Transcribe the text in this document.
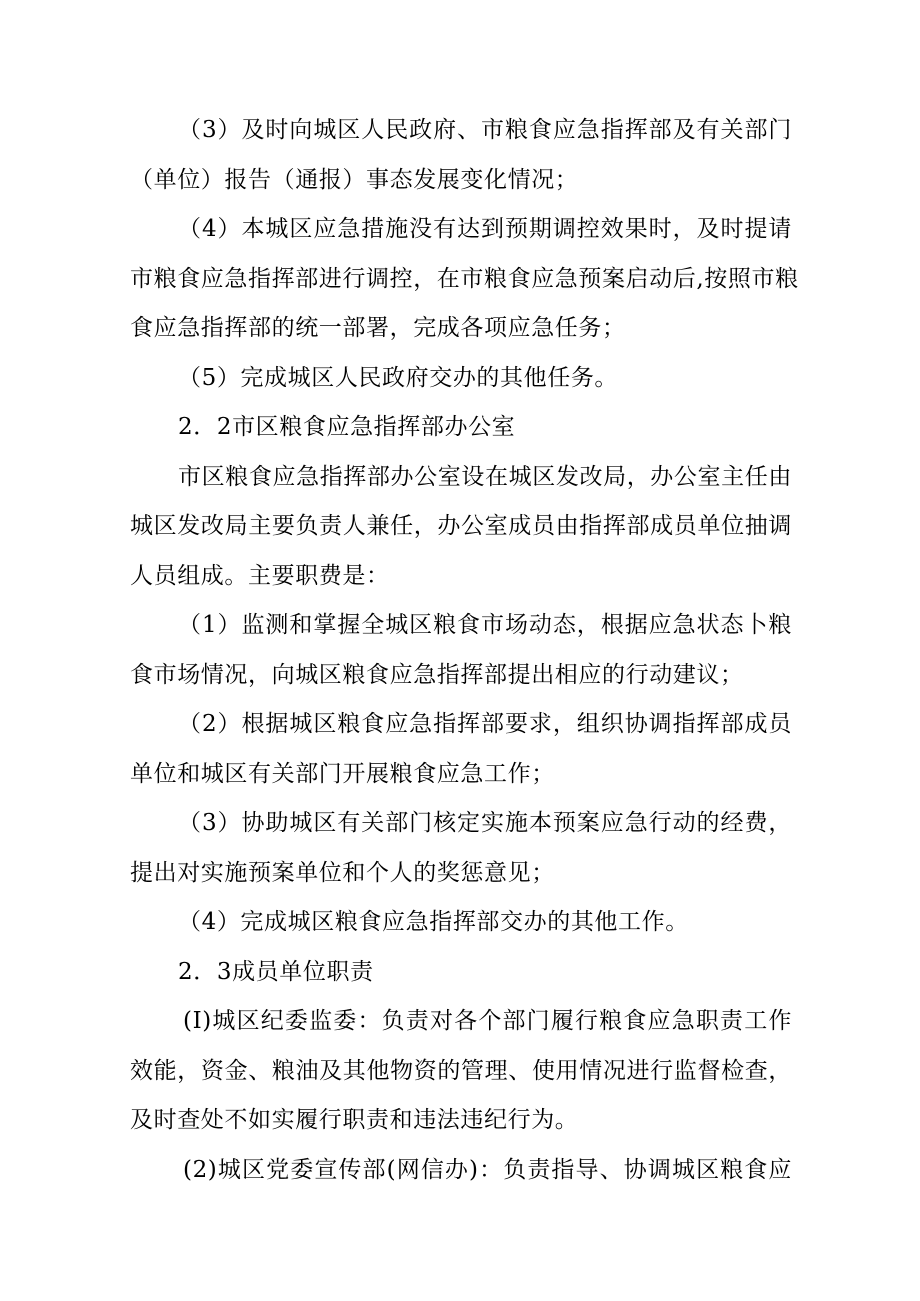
（3）及时向城区人民政府、市粮食应急指挥部及有关部门
（单位）报告（通报）事态发展变化情况；
（4）本城区应急措施没有达到预期调控效果时，及时提请
市粮食应急指挥部进行调控，在市粮食应急预案启动后,按照市粮
食应急指挥部的统一部署，完成各项应急任务；
（5）完成城区人民政府交办的其他任务。
2．2市区粮食应急指挥部办公室
市区粮食应急指挥部办公室设在城区发改局，办公室主任由
城区发改局主要负责人兼任，办公室成员由指挥部成员单位抽调
人员组成。主要职费是：
（1）监测和掌握全城区粮食市场动态，根据应急状态卜粮
食市场情况，向城区粮食应急指挥部提出相应的行动建议；
（2）根据城区粮食应急指挥部要求，组织协调指挥部成员
单位和城区有关部门开展粮食应急工作；
（3）协助城区有关部门核定实施本预案应急行动的经费，
提出对实施预案单位和个人的奖惩意见；
（4）完成城区粮食应急指挥部交办的其他工作。
2．3成员单位职责
(I)城区纪委监委：负责对各个部门履行粮食应急职责工作
效能，资金、粮油及其他物资的管理、使用情况进行监督检查，
及时查处不如实履行职责和违法违纪行为。
(2)城区党委宣传部(网信办)：负责指导、协调城区粮食应
